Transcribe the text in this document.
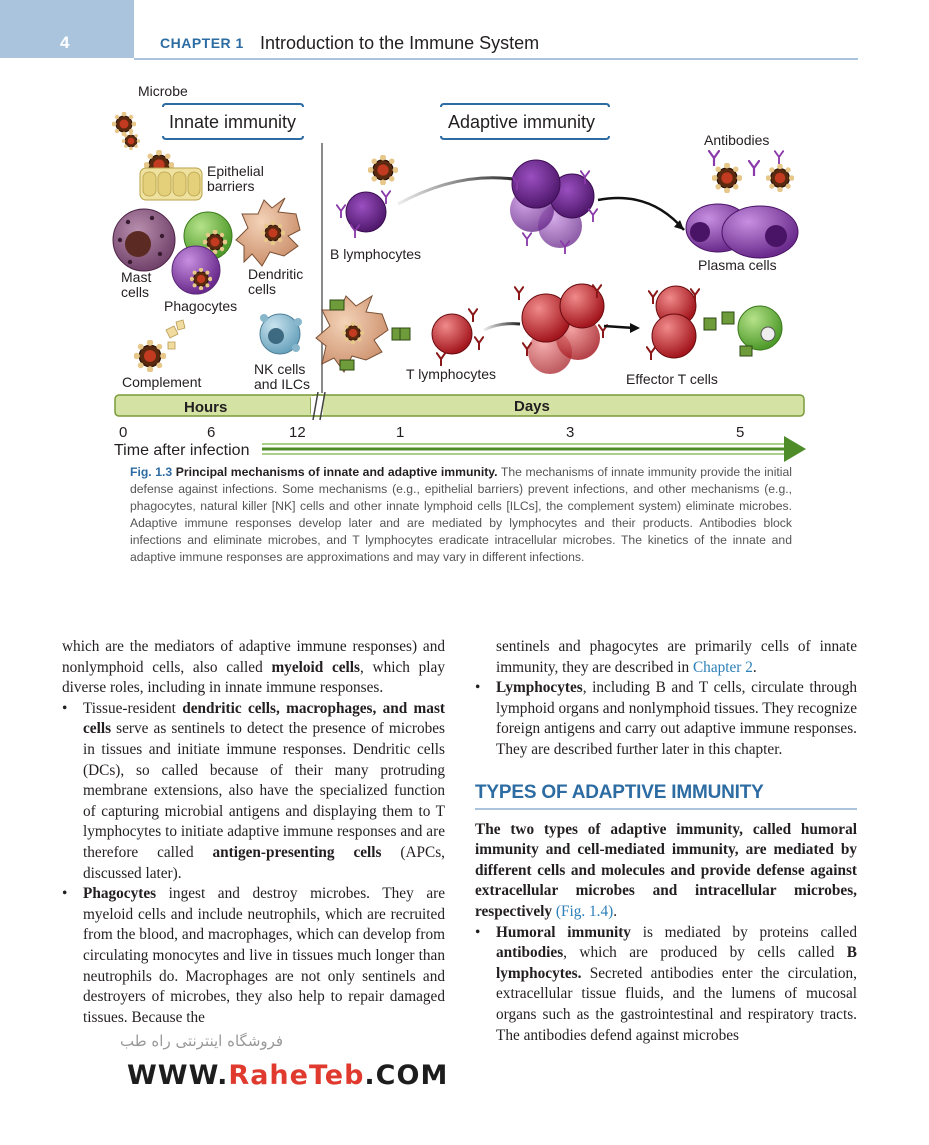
4	CHAPTER 1 Introduction to the Immune System
Microbe
Innate immunity	Adaptive immunity
Epithelial
barriers
Mast
cells
Phagocytes
Dendritic
cells
NK cells
and ILCs
Complement
B lymphocytes
Antibodies
Plasma cells
T lymphocytes	Effector T cells
Hours	Days
0	6	12	1	3	5
Time after infection
Fig. 1.3 Principal mechanisms of innate and adaptive immunity. The mechanisms of innate immunity provide the initial defense against infections. Some mechanisms (e.g., epithelial barriers) prevent infections, and other mechanisms (e.g., phagocytes, natural killer [NK] cells and other innate lymphoid cells [ILCs], the complement system) eliminate microbes. Adaptive immune responses develop later and are mediated by lymphocytes and their products. Antibodies block infections and eliminate microbes, and T lymphocytes eradicate intracellular microbes. The kinetics of the innate and adaptive immune responses are approximations and may vary in different infections.

which are the mediators of adaptive immune responses) and nonlymphoid cells, also called myeloid cells, which play diverse roles, including in innate immune responses.

• Tissue-resident dendritic cells, macrophages, and mast cells serve as sentinels to detect the presence of microbes in tissues and initiate immune responses. Dendritic cells (DCs), so called because of their many protruding membrane extensions, also have the specialized function of capturing microbial antigens and displaying them to T lymphocytes to initiate adaptive immune responses and are therefore called antigen-presenting cells (APCs, discussed later).
• Phagocytes ingest and destroy microbes. They are myeloid cells and include neutrophils, which are recruited from the blood, and macrophages, which can develop from circulating monocytes and live in tissues much longer than neutrophils do. Macrophages are not only sentinels and destroyers of microbes, they also help to repair damaged tissues. Because the

sentinels and phagocytes are primarily cells of innate immunity, they are described in Chapter 2.

• Lymphocytes, including B and T cells, circulate through lymphoid organs and nonlymphoid tissues. They recognize foreign antigens and carry out adaptive immune responses. They are described further later in this chapter.
TYPES OF ADAPTIVE IMMUNITY

The two types of adaptive immunity, called humoral immunity and cell-mediated immunity, are mediated by different cells and molecules and provide defense against extracellular microbes and intracellular microbes, respectively (Fig. 1.4).

• Humoral immunity is mediated by proteins called antibodies, which are produced by cells called B lymphocytes. Secreted antibodies enter the circulation, extracellular tissue fluids, and the lumens of mucosal organs such as the gastrointestinal and respiratory tracts. The antibodies defend against microbes
فروشگاه اینترنتی راه طب
WWW.RaheTeb.COM
